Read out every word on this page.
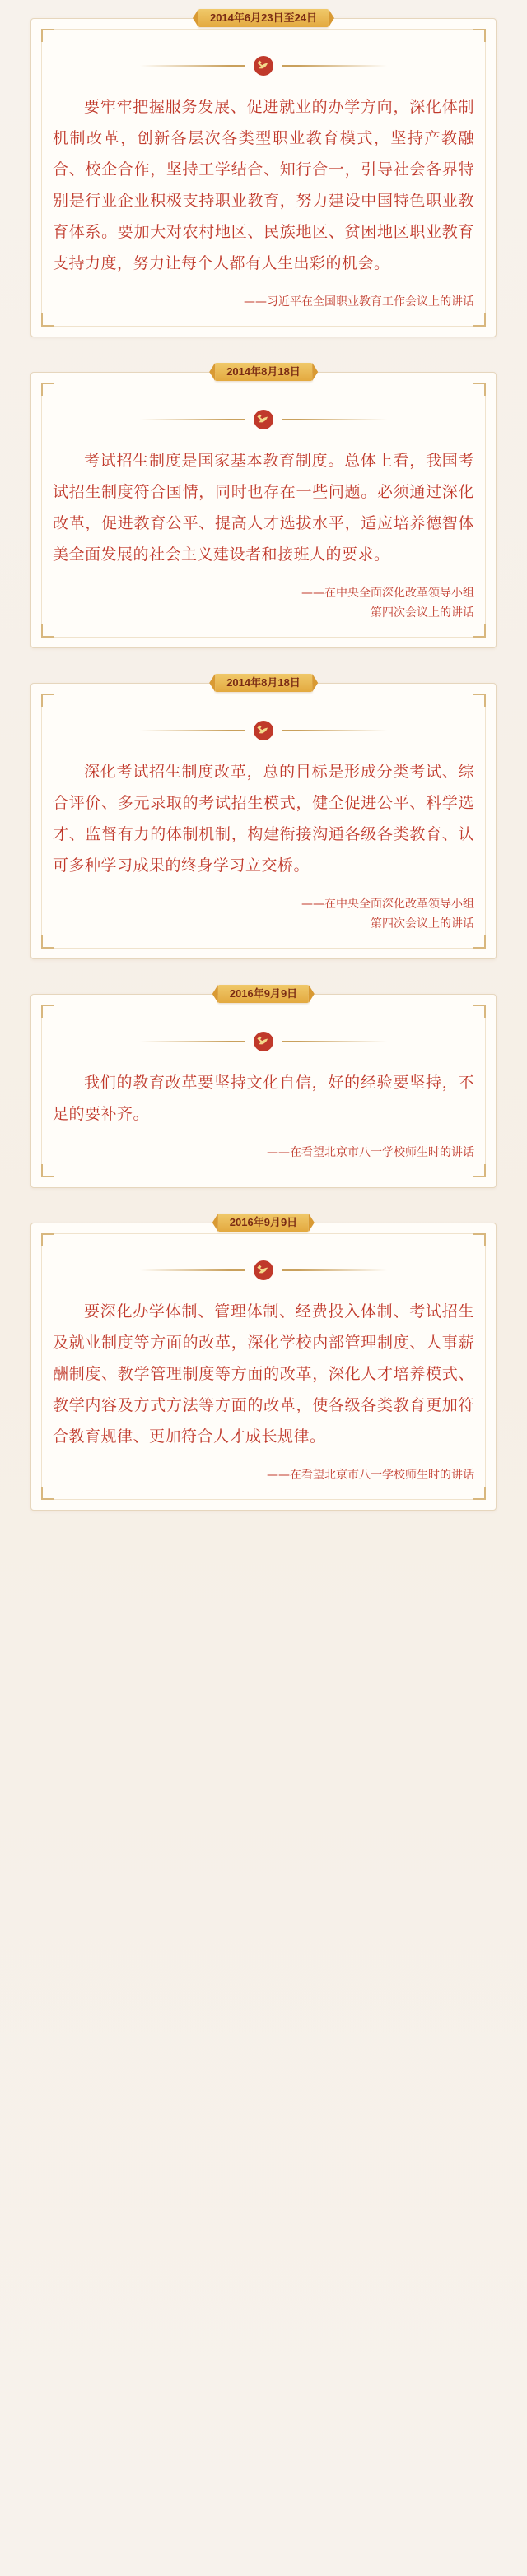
2014年6月23日至24日

要牢牢把握服务发展、促进就业的办学方向，深化体制机制改革，创新各层次各类型职业教育模式，坚持产教融合、校企合作，坚持工学结合、知行合一，引导社会各界特别是行业企业积极支持职业教育，努力建设中国特色职业教育体系。要加大对农村地区、民族地区、贫困地区职业教育支持力度，努力让每个人都有人生出彩的机会。

——习近平在全国职业教育工作会议上的讲话
2014年8月18日

考试招生制度是国家基本教育制度。总体上看，我国考试招生制度符合国情，同时也存在一些问题。必须通过深化改革，促进教育公平、提高人才选拔水平，适应培养德智体美全面发展的社会主义建设者和接班人的要求。

——在中央全面深化改革领导小组
第四次会议上的讲话
2014年8月18日

深化考试招生制度改革，总的目标是形成分类考试、综合评价、多元录取的考试招生模式，健全促进公平、科学选才、监督有力的体制机制，构建衔接沟通各级各类教育、认可多种学习成果的终身学习立交桥。

——在中央全面深化改革领导小组
第四次会议上的讲话
2016年9月9日

我们的教育改革要坚持文化自信，好的经验要坚持，不足的要补齐。

——在看望北京市八一学校师生时的讲话
2016年9月9日

要深化办学体制、管理体制、经费投入体制、考试招生及就业制度等方面的改革，深化学校内部管理制度、人事薪酬制度、教学管理制度等方面的改革，深化人才培养模式、教学内容及方式方法等方面的改革，使各级各类教育更加符合教育规律、更加符合人才成长规律。

——在看望北京市八一学校师生时的讲话
